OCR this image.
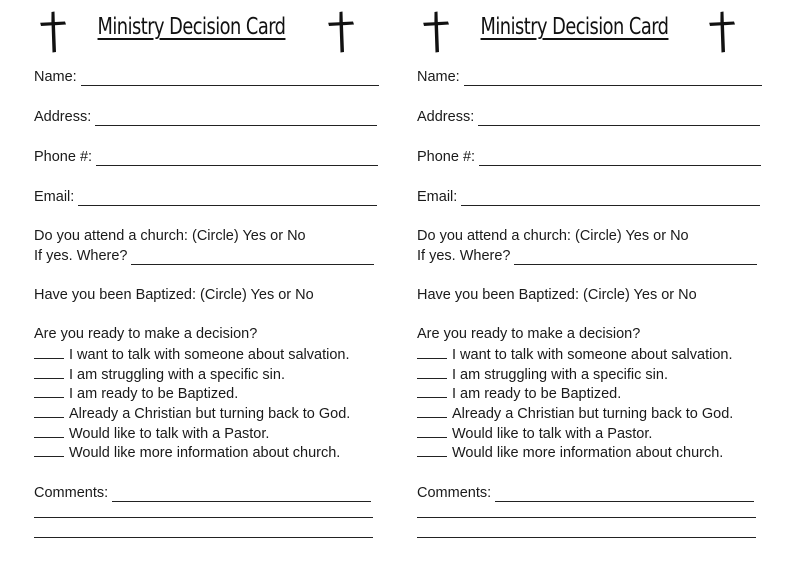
Ministry Decision Card
Name:
Address:
Phone #:
Email:
Do you attend a church: (Circle) Yes or No
If yes. Where?
Have you been Baptized: (Circle) Yes or No
Are you ready to make a decision?
I want to talk with someone about salvation.
I am struggling with a specific sin.
I am ready to be Baptized.
Already a Christian but turning back to God.
Would like to talk with a Pastor.
Would like more information about church.
Comments:
Ministry Decision Card
Name:
Address:
Phone #:
Email:
Do you attend a church: (Circle) Yes or No
If yes. Where?
Have you been Baptized: (Circle) Yes or No
Are you ready to make a decision?
I want to talk with someone about salvation.
I am struggling with a specific sin.
I am ready to be Baptized.
Already a Christian but turning back to God.
Would like to talk with a Pastor.
Would like more information about church.
Comments:
